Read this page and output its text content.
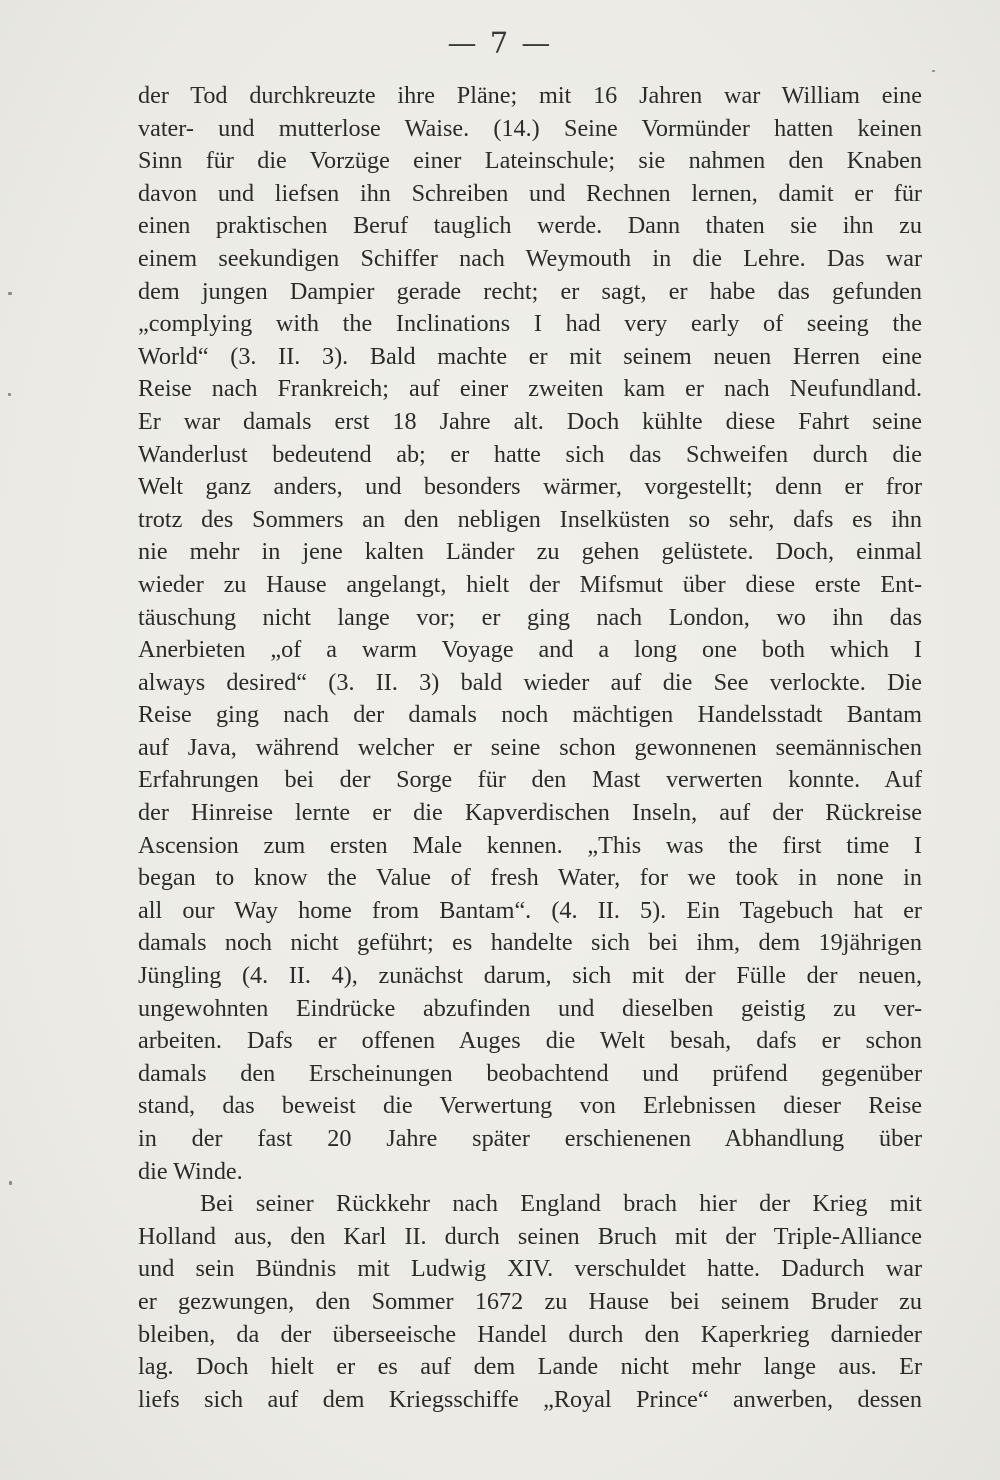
— 7 —
der Tod durchkreuzte ihre Pläne; mit 16 Jahren war William eine
vater- und mutterlose Waise. (14.) Seine Vormünder hatten keinen
Sinn für die Vorzüge einer Lateinschule; sie nahmen den Knaben
davon und liefsen ihn Schreiben und Rechnen lernen, damit er für
einen praktischen Beruf tauglich werde. Dann thaten sie ihn zu
einem seekundigen Schiffer nach Weymouth in die Lehre. Das war
dem jungen Dampier gerade recht; er sagt, er habe das gefunden
„complying with the Inclinations I had very early of seeing the
World“ (3. II. 3). Bald machte er mit seinem neuen Herren eine
Reise nach Frankreich; auf einer zweiten kam er nach Neufundland.
Er war damals erst 18 Jahre alt. Doch kühlte diese Fahrt seine
Wanderlust bedeutend ab; er hatte sich das Schweifen durch die
Welt ganz anders, und besonders wärmer, vorgestellt; denn er fror
trotz des Sommers an den nebligen Inselküsten so sehr, dafs es ihn
nie mehr in jene kalten Länder zu gehen gelüstete. Doch, einmal
wieder zu Hause angelangt, hielt der Mifsmut über diese erste Ent-
täuschung nicht lange vor; er ging nach London, wo ihn das
Anerbieten „of a warm Voyage and a long one both which I
always desired“ (3. II. 3) bald wieder auf die See verlockte. Die
Reise ging nach der damals noch mächtigen Handelsstadt Bantam
auf Java, während welcher er seine schon gewonnenen seemännischen
Erfahrungen bei der Sorge für den Mast verwerten konnte. Auf
der Hinreise lernte er die Kapverdischen Inseln, auf der Rückreise
Ascension zum ersten Male kennen. „This was the first time I
began to know the Value of fresh Water, for we took in none in
all our Way home from Bantam“. (4. II. 5). Ein Tagebuch hat er
damals noch nicht geführt; es handelte sich bei ihm, dem 19jährigen
Jüngling (4. II. 4), zunächst darum, sich mit der Fülle der neuen,
ungewohnten Eindrücke abzufinden und dieselben geistig zu ver-
arbeiten. Dafs er offenen Auges die Welt besah, dafs er schon
damals den Erscheinungen beobachtend und prüfend gegenüber
stand, das beweist die Verwertung von Erlebnissen dieser Reise
in der fast 20 Jahre später erschienenen Abhandlung über
die Winde.
Bei seiner Rückkehr nach England brach hier der Krieg mit
Holland aus, den Karl II. durch seinen Bruch mit der Triple-Alliance
und sein Bündnis mit Ludwig XIV. verschuldet hatte. Dadurch war
er gezwungen, den Sommer 1672 zu Hause bei seinem Bruder zu
bleiben, da der überseeische Handel durch den Kaperkrieg darnieder
lag. Doch hielt er es auf dem Lande nicht mehr lange aus. Er
liefs sich auf dem Kriegsschiffe „Royal Prince“ anwerben, dessen
